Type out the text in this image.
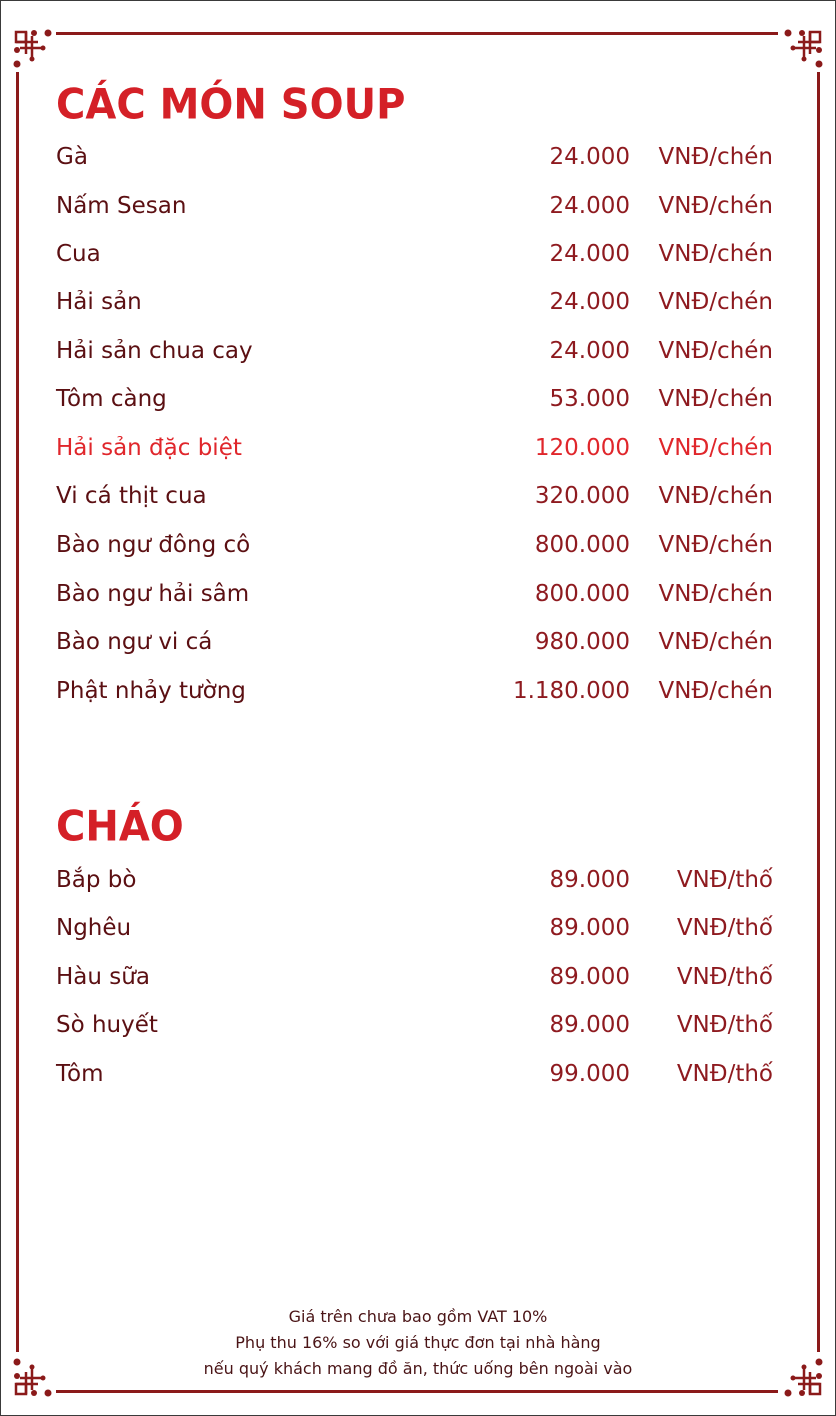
CÁC MÓN SOUP
Gà	24.000 VNĐ/chén
Nấm Sesan	24.000 VNĐ/chén
Cua	24.000 VNĐ/chén
Hải sản	24.000 VNĐ/chén
Hải sản chua cay	24.000 VNĐ/chén
Tôm càng	53.000 VNĐ/chén
Hải sản đặc biệt	120.000 VNĐ/chén
Vi cá thịt cua	320.000 VNĐ/chén
Bào ngư đông cô	800.000 VNĐ/chén
Bào ngư hải sâm	800.000 VNĐ/chén
Bào ngư vi cá	980.000 VNĐ/chén
Phật nhảy tường	1.180.000 VNĐ/chén
CHÁO
Bắp bò	89.000 VNĐ/thố
Nghêu	89.000 VNĐ/thố
Hàu sữa	89.000 VNĐ/thố
Sò huyết	89.000 VNĐ/thố
Tôm	99.000 VNĐ/thố
Giá trên chưa bao gồm VAT 10%
Phụ thu 16% so với giá thực đơn tại nhà hàng
nếu quý khách mang đồ ăn, thức uống bên ngoài vào
